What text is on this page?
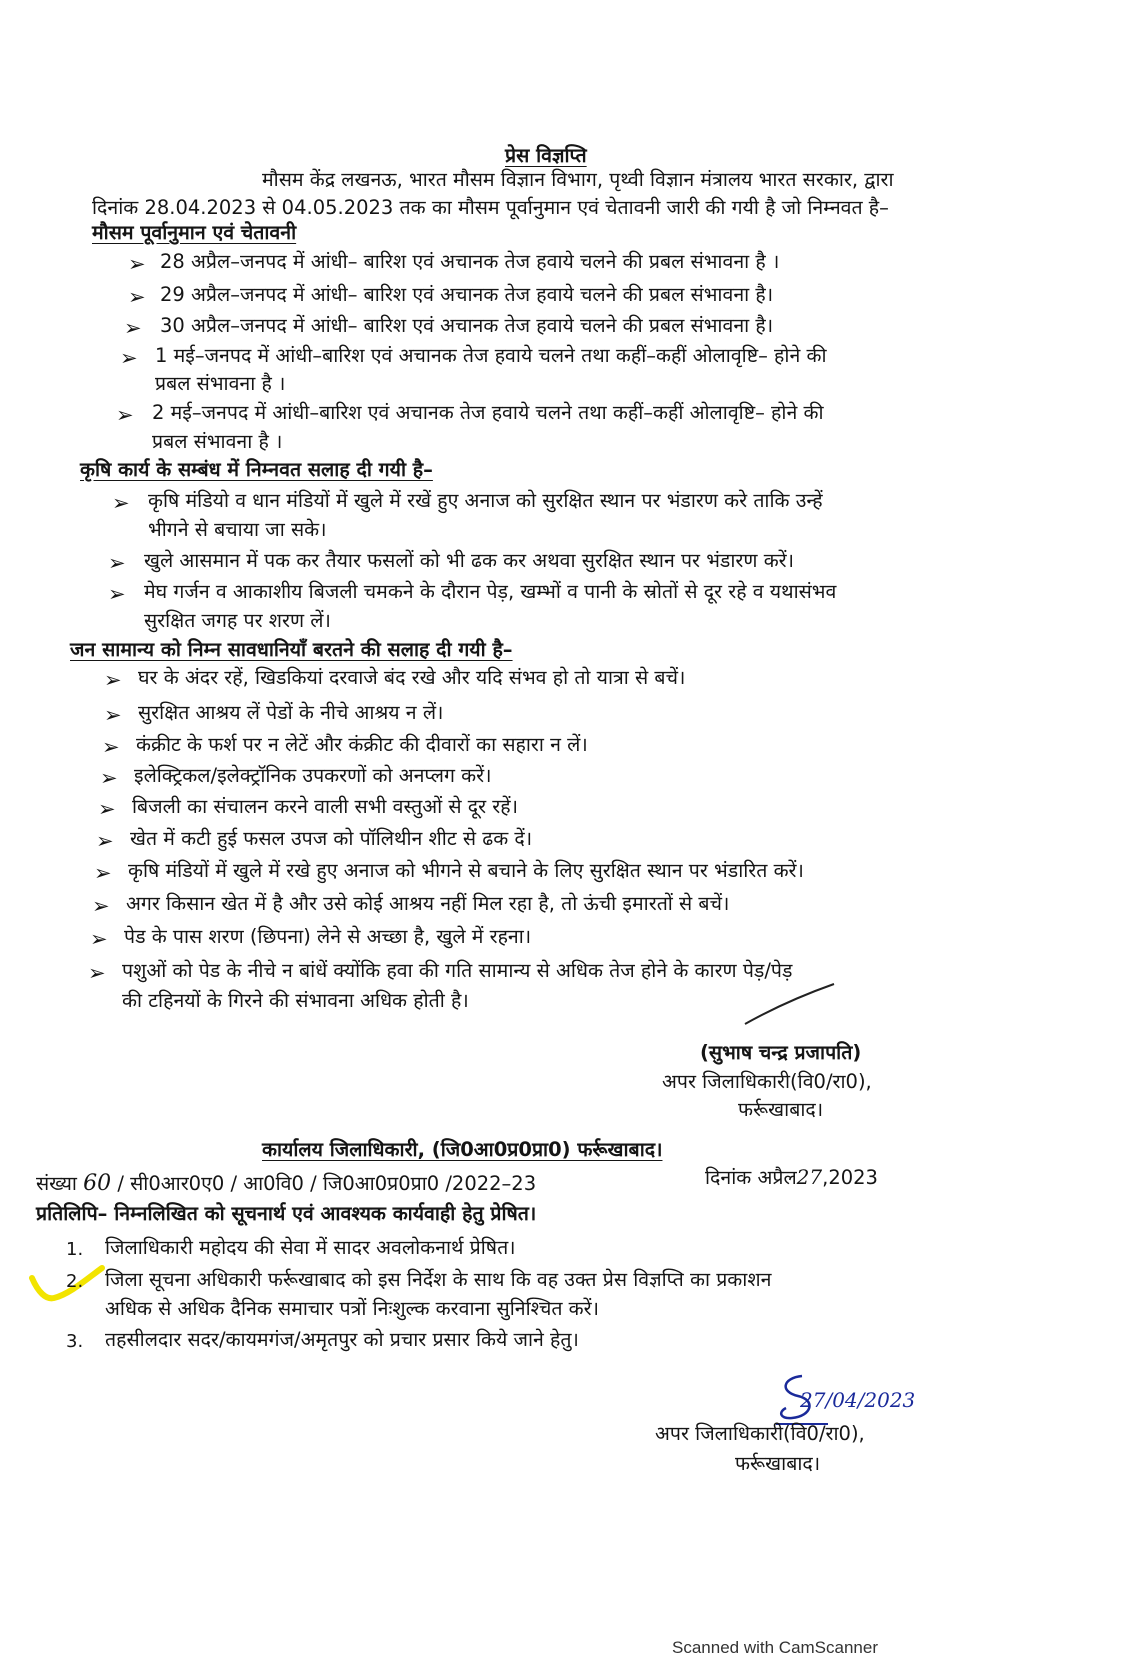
प्रेस विज्ञप्ति
मौसम केंद्र लखनऊ, भारत मौसम विज्ञान विभाग, पृथ्वी विज्ञान मंत्रालय भारत सरकार, द्वारा
दिनांक 28.04.2023 से 04.05.2023 तक का मौसम पूर्वानुमान एवं चेतावनी जारी की गयी है जो निम्नवत है–
मौसम पूर्वानुमान एवं चेतावनी
➢ 28 अप्रैल–जनपद में आंधी– बारिश एवं अचानक तेज हवाये चलने की प्रबल संभावना है ।
➢ 29 अप्रैल–जनपद में आंधी– बारिश एवं अचानक तेज हवाये चलने की प्रबल संभावना है।
➢ 30 अप्रैल–जनपद में आंधी– बारिश एवं अचानक तेज हवाये चलने की प्रबल संभावना है।
➢ 1 मई–जनपद में आंधी–बारिश एवं अचानक तेज हवाये चलने तथा कहीं–कहीं ओलावृष्टि– होने की
प्रबल संभावना है ।
➢ 2 मई–जनपद में आंधी–बारिश एवं अचानक तेज हवाये चलने तथा कहीं–कहीं ओलावृष्टि– होने की
प्रबल संभावना है ।
कृषि कार्य के सम्बंध में निम्नवत सलाह दी गयी है–
➢ कृषि मंडियो व धान मंडियों में खुले में रखें हुए अनाज को सुरक्षित स्थान पर भंडारण करे ताकि उन्हें
भीगने से बचाया जा सके।
➢ खुले आसमान में पक कर तैयार फसलों को भी ढक कर अथवा सुरक्षित स्थान पर भंडारण करें।
➢ मेघ गर्जन व आकाशीय बिजली चमकने के दौरान पेड़, खम्भों व पानी के स्रोतों से दूर रहे व यथासंभव
सुरक्षित जगह पर शरण लें।
जन सामान्य को निम्न सावधानियाँ बरतने की सलाह दी गयी है–
➢ घर के अंदर रहें, खिडकियां दरवाजे बंद रखे और यदि संभव हो तो यात्रा से बचें।
➢ सुरक्षित आश्रय लें पेडों के नीचे आश्रय न लें।
➢ कंक्रीट के फर्श पर न लेटें और कंक्रीट की दीवारों का सहारा न लें।
➢ इलेक्ट्रिकल/इलेक्ट्रॉनिक उपकरणों को अनप्लग करें।
➢ बिजली का संचालन करने वाली सभी वस्तुओं से दूर रहें।
➢ खेत में कटी हुई फसल उपज को पॉलिथीन शीट से ढक दें।
➢ कृषि मंडियों में खुले में रखे हुए अनाज को भीगने से बचाने के लिए सुरक्षित स्थान पर भंडारित करें।
➢ अगर किसान खेत में है और उसे कोई आश्रय नहीं मिल रहा है, तो ऊंची इमारतों से बचें।
➢ पेड के पास शरण (छिपना) लेने से अच्छा है, खुले में रहना।
➢ पशुओं को पेड के नीचे न बांधें क्योंकि हवा की गति सामान्य से अधिक तेज होने के कारण पेड़/पेड़
की टहिनयों के गिरने की संभावना अधिक होती है।
(सुभाष चन्द्र प्रजापति)
अपर जिलाधिकारी(वि0/रा0),
फर्रूखाबाद।
कार्यालय जिलाधिकारी, (जि0आ0प्र0प्रा0) फर्रूखाबाद।
संख्या 60 / सी0आर0ए0 / आ0वि0 / जि0आ0प्र0प्रा0 /2022–23	दिनांक अप्रैल27,2023
प्रतिलिपि– निम्नलिखित को सूचनार्थ एवं आवश्यक कार्यवाही हेतु प्रेषित।
1. जिलाधिकारी महोदय की सेवा में सादर अवलोकनार्थ प्रेषित।
2. जिला सूचना अधिकारी फर्रूखाबाद को इस निर्देश के साथ कि वह उक्त प्रेस विज्ञप्ति का प्रकाशन
अधिक से अधिक दैनिक समाचार पत्रों निःशुल्क करवाना सुनिश्चित करें।
3. तहसीलदार सदर/कायमगंज/अमृतपुर को प्रचार प्रसार किये जाने हेतु।
27/04/2023
अपर जिलाधिकारी(वि0/रा0),
फर्रूखाबाद।
Scanned with CamScanner
